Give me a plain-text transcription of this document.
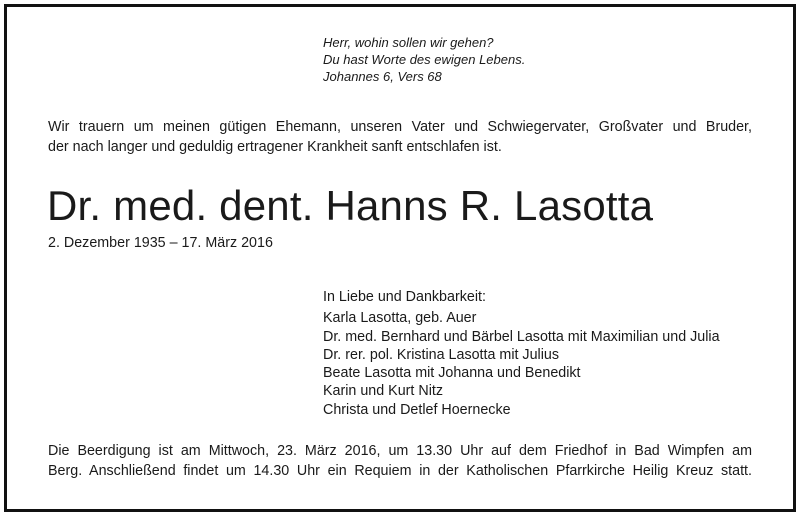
Herr, wohin sollen wir gehen?
Du hast Worte des ewigen Lebens.
Johannes 6, Vers 68
Wir trauern um meinen gütigen Ehemann, unseren Vater und Schwiegervater, Großvater und Bruder,
der nach langer und geduldig ertragener Krankheit sanft entschlafen ist.
Dr. med. dent. Hanns R. Lasotta
2. Dezember 1935 – 17. März 2016
In Liebe und Dankbarkeit:
Karla Lasotta, geb. Auer
Dr. med. Bernhard und Bärbel Lasotta mit Maximilian und Julia
Dr. rer. pol. Kristina Lasotta mit Julius
Beate Lasotta mit Johanna und Benedikt
Karin und Kurt Nitz
Christa und Detlef Hoernecke
Die Beerdigung ist am Mittwoch, 23. März 2016, um 13.30 Uhr auf dem Friedhof in Bad Wimpfen am
Berg. Anschließend findet um 14.30 Uhr ein Requiem in der Katholischen Pfarrkirche Heilig Kreuz statt.
